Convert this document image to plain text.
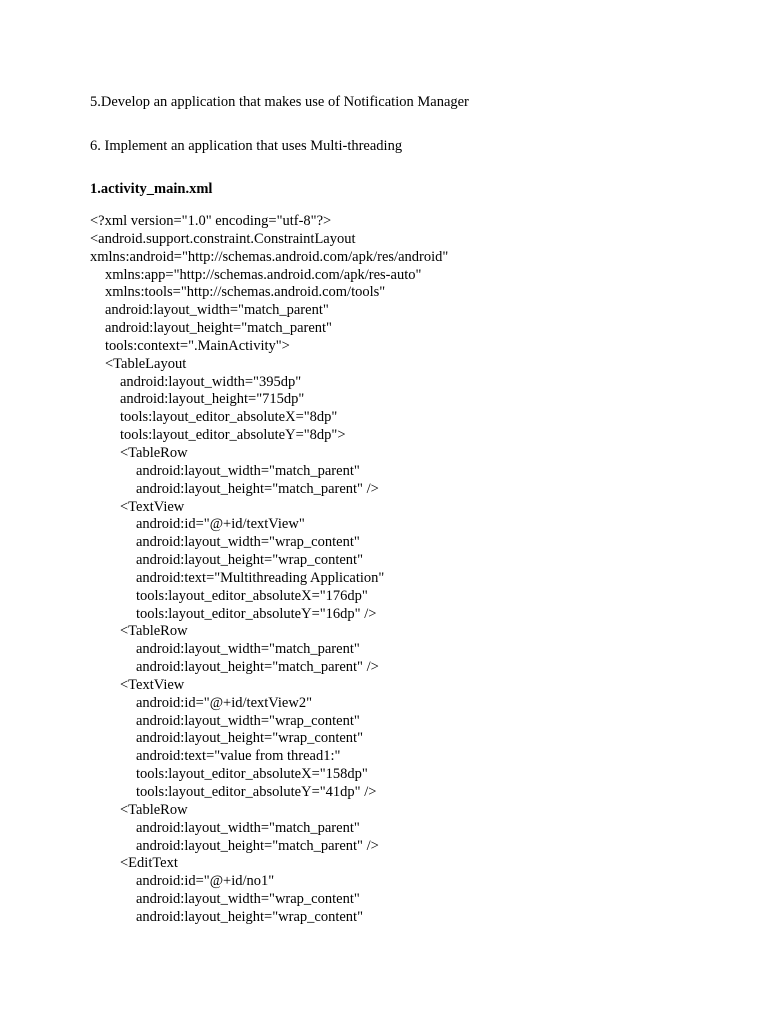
5.Develop an application that makes use of Notification Manager

6. Implement an application that uses Multi-threading

1.activity_main.xml

<?xml version="1.0" encoding="utf-8"?>
<android.support.constraint.ConstraintLayout
xmlns:android="http://schemas.android.com/apk/res/android"
xmlns:app="http://schemas.android.com/apk/res-auto"
xmlns:tools="http://schemas.android.com/tools"
android:layout_width="match_parent"
android:layout_height="match_parent"
tools:context=".MainActivity">
<TableLayout
android:layout_width="395dp"
android:layout_height="715dp"
tools:layout_editor_absoluteX="8dp"
tools:layout_editor_absoluteY="8dp">
<TableRow
android:layout_width="match_parent"
android:layout_height="match_parent" />
<TextView
android:id="@+id/textView"
android:layout_width="wrap_content"
android:layout_height="wrap_content"
android:text="Multithreading Application"
tools:layout_editor_absoluteX="176dp"
tools:layout_editor_absoluteY="16dp" />
<TableRow
android:layout_width="match_parent"
android:layout_height="match_parent" />
<TextView
android:id="@+id/textView2"
android:layout_width="wrap_content"
android:layout_height="wrap_content"
android:text="value from thread1:"
tools:layout_editor_absoluteX="158dp"
tools:layout_editor_absoluteY="41dp" />
<TableRow
android:layout_width="match_parent"
android:layout_height="match_parent" />
<EditText
android:id="@+id/no1"
android:layout_width="wrap_content"
android:layout_height="wrap_content"
